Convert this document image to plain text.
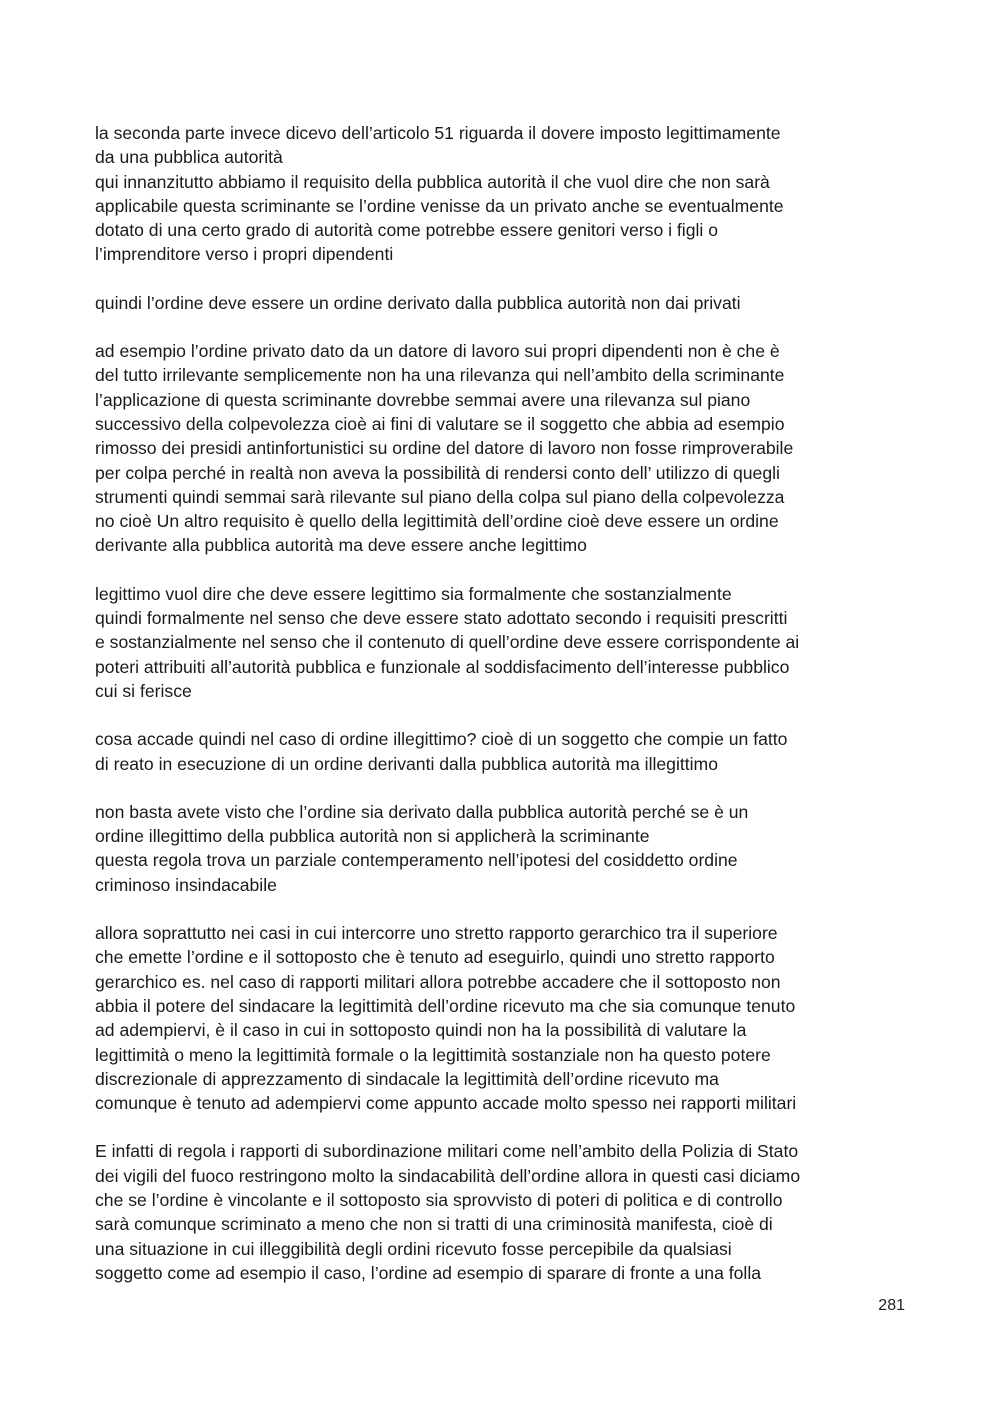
la seconda parte invece dicevo dell’articolo 51 riguarda il dovere imposto legittimamente
da una pubblica autorità
qui innanzitutto abbiamo il requisito della pubblica autorità il che vuol dire che non sarà
applicabile questa scriminante se l’ordine venisse da un privato anche se eventualmente
dotato di una certo grado di autorità come potrebbe essere genitori verso i figli o
l’imprenditore verso i propri dipendenti
quindi l’ordine deve essere un ordine derivato dalla pubblica autorità non dai privati
ad esempio l’ordine privato dato da un datore di lavoro sui propri dipendenti non è che è
del tutto irrilevante semplicemente non ha una rilevanza qui nell’ambito della scriminante
l’applicazione di questa scriminante dovrebbe semmai avere una rilevanza sul piano
successivo della colpevolezza cioè ai fini di valutare se il soggetto che abbia ad esempio
rimosso dei presidi antinfortunistici su ordine del datore di lavoro non fosse rimproverabile
per colpa perché in realtà non aveva la possibilità di rendersi conto dell’ utilizzo di quegli
strumenti quindi semmai sarà rilevante sul piano della colpa sul piano della colpevolezza
no cioè Un altro requisito è quello della legittimità dell’ordine cioè deve essere un ordine
derivante alla pubblica autorità ma deve essere anche legittimo
legittimo vuol dire che deve essere legittimo sia formalmente che sostanzialmente
quindi formalmente nel senso che deve essere stato adottato secondo i requisiti prescritti
e sostanzialmente nel senso che il contenuto di quell’ordine deve essere corrispondente ai
poteri attribuiti all’autorità pubblica e funzionale al soddisfacimento dell’interesse pubblico
cui si ferisce
cosa accade quindi nel caso di ordine illegittimo? cioè di un soggetto che compie un fatto
di reato in esecuzione di un ordine derivanti dalla pubblica autorità ma illegittimo
non basta avete visto che l’ordine sia derivato dalla pubblica autorità perché se è un
ordine illegittimo della pubblica autorità non si applicherà la scriminante
questa regola trova un parziale contemperamento nell’ipotesi del cosiddetto ordine
criminoso insindacabile
allora soprattutto nei casi in cui intercorre uno stretto rapporto gerarchico tra il superiore
che emette l’ordine e il sottoposto che è tenuto ad eseguirlo, quindi uno stretto rapporto
gerarchico es. nel caso di rapporti militari allora potrebbe accadere che il sottoposto non
abbia il potere del sindacare la legittimità dell’ordine ricevuto ma che sia comunque tenuto
ad adempiervi, è il caso in cui in sottoposto quindi non ha la possibilità di valutare la
legittimità o meno la legittimità formale o la legittimità sostanziale non ha questo potere
discrezionale di apprezzamento di sindacale la legittimità dell’ordine ricevuto ma
comunque è tenuto ad adempiervi come appunto accade molto spesso nei rapporti militari
E infatti di regola i rapporti di subordinazione militari come nell’ambito della Polizia di Stato
dei vigili del fuoco restringono molto la sindacabilità dell’ordine allora in questi casi diciamo
che se l’ordine è vincolante e il sottoposto sia sprovvisto di poteri di politica e di controllo
sarà comunque scriminato a meno che non si tratti di una criminosità manifesta, cioè di
una situazione in cui illeggibilità degli ordini ricevuto fosse percepibile da qualsiasi
soggetto come ad esempio il caso, l’ordine ad esempio di sparare di fronte a una folla
281
